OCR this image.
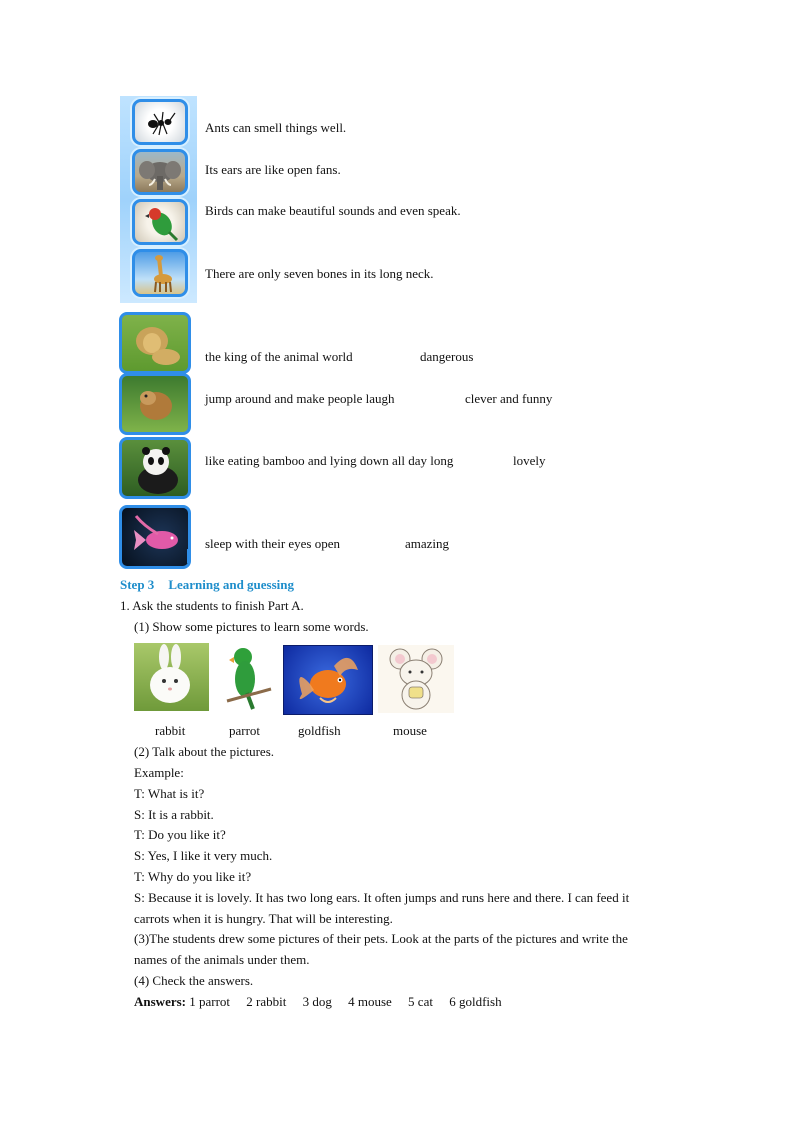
Ants can smell things well.
Its ears are like open fans.
Birds can make beautiful sounds and even speak.
There are only seven bones in its long neck.
the king of the animal world	dangerous
jump around and make people laugh	clever and funny
like eating bamboo and lying down all day long	lovely
sleep with their eyes open	amazing
Step 3 Learning and guessing
1. Ask the students to finish Part A.
(1) Show some pictures to learn some words.
rabbit	parrot	goldfish	mouse
(2) Talk about the pictures.
Example:
T: What is it?
S: It is a rabbit.
T: Do you like it?
S: Yes, I like it very much.
T: Why do you like it?
S: Because it is lovely. It has two long ears. It often jumps and runs here and there. I can feed it
carrots when it is hungry. That will be interesting.
(3)The students drew some pictures of their pets. Look at the parts of the pictures and write the
names of the animals under them.
(4) Check the answers.
Answers: 1 parrot     2 rabbit     3 dog     4 mouse     5 cat     6 goldfish
